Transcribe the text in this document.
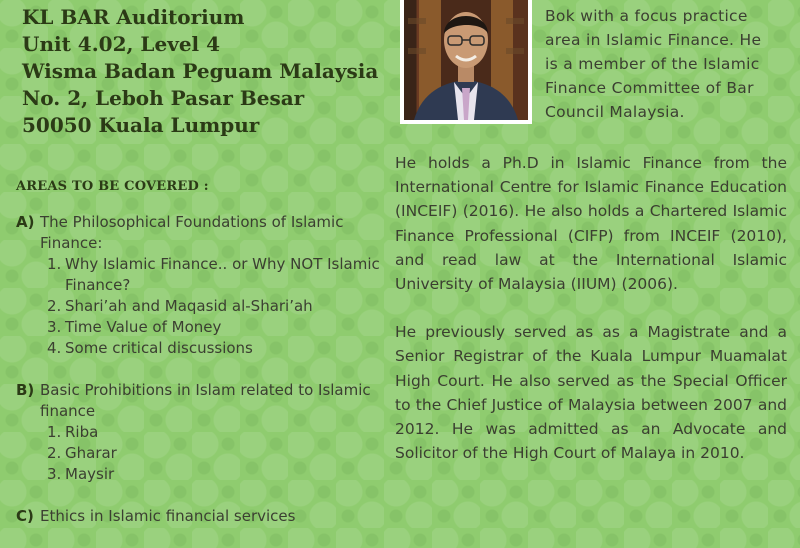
KL BAR Auditorium
Unit 4.02, Level 4
Wisma Badan Peguam Malaysia
No. 2, Leboh Pasar Besar
50050 Kuala Lumpur
AREAS TO BE COVERED :
A) The Philosophical Foundations of Islamic Finance:
1. Why Islamic Finance.. or Why NOT Islamic Finance?
2. Shari’ah and Maqasid al-Shari’ah
3. Time Value of Money
4. Some critical discussions
B) Basic Prohibitions in Islam related to Islamic finance
1. Riba
2. Gharar
3. Maysir
C) Ethics in Islamic financial services
Bok with a focus practice
area in Islamic Finance. He
is a member of the Islamic
Finance Committee of Bar
Council Malaysia.

He holds a Ph.D in Islamic Finance from the International Centre for Islamic Finance Education (INCEIF) (2016). He also holds a Chartered Islamic Finance Professional (CIFP) from INCEIF (2010), and read law at the International Islamic University of Malaysia (IIUM) (2006).

He previously served as as a Magistrate and a Senior Registrar of the Kuala Lumpur Muamalat High Court. He also served as the Special Officer to the Chief Justice of Malaysia between 2007 and 2012. He was admitted as an Advocate and Solicitor of the High Court of Malaya in 2010.
